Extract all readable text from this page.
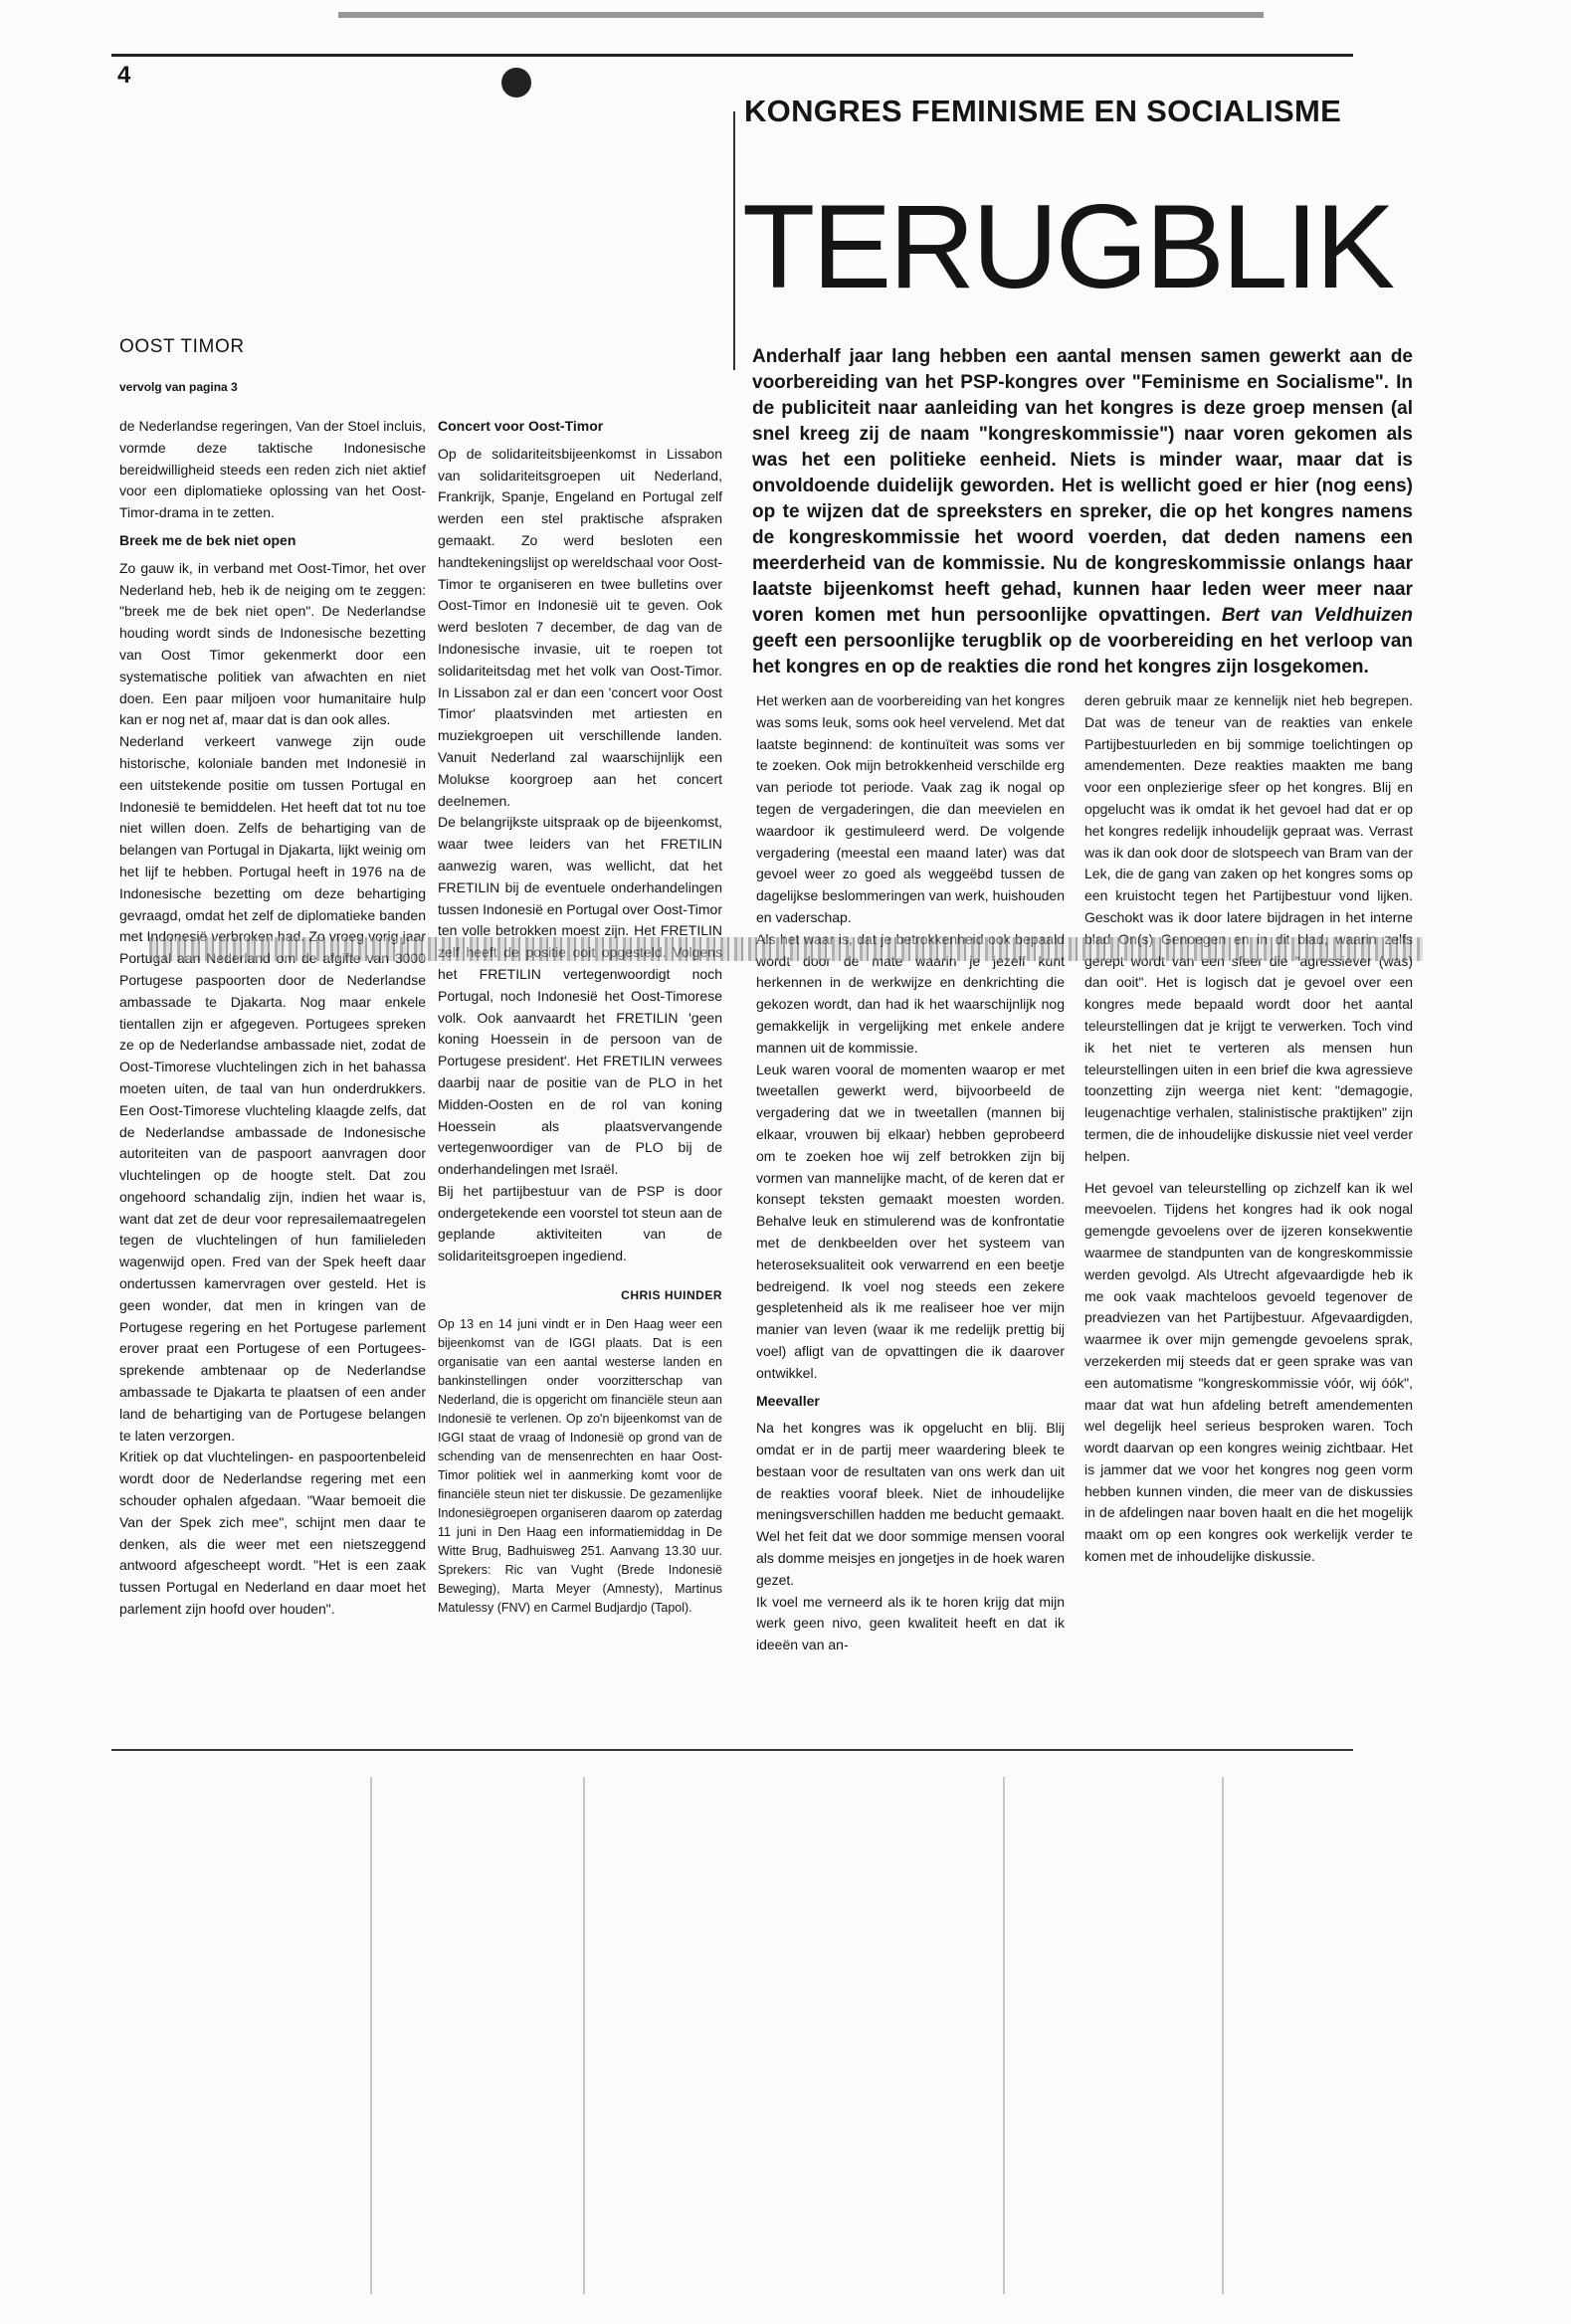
4
KONGRES FEMINISME EN SOCIALISME
TERUGBLIK
OOST TIMOR
vervolg van pagina 3

de Nederlandse regeringen, Van der Stoel incluis, vormde deze taktische Indonesische bereidwilligheid steeds een reden zich niet aktief voor een diplomatieke oplossing van het Oost-Timor-drama in te zetten.

Breek me de bek niet open

Zo gauw ik, in verband met Oost-Timor, het over Nederland heb, heb ik de neiging om te zeggen: "breek me de bek niet open". De Nederlandse houding wordt sinds de Indonesische bezetting van Oost Timor gekenmerkt door een systematische politiek van afwachten en niet doen. Een paar miljoen voor humanitaire hulp kan er nog net af, maar dat is dan ook alles.

Nederland verkeert vanwege zijn oude historische, koloniale banden met Indonesië in een uitstekende positie om tussen Portugal en Indonesië te bemiddelen. Het heeft dat tot nu toe niet willen doen. Zelfs de behartiging van de belangen van Portugal in Djakarta, lijkt weinig om het lijf te hebben. Portugal heeft in 1976 na de Indonesische bezetting om deze behartiging gevraagd, omdat het zelf de diplomatieke banden met Indonesië verbroken had. Zo vroeg vorig jaar Portugal aan Nederland om de afgifte van 3000 Portugese paspoorten door de Nederlandse ambassade te Djakarta. Nog maar enkele tientallen zijn er afgegeven. Portugees spreken ze op de Nederlandse ambassade niet, zodat de Oost-Timorese vluchtelingen zich in het bahassa moeten uiten, de taal van hun onderdrukkers. Een Oost-Timorese vluchteling klaagde zelfs, dat de Nederlandse ambassade de Indonesische autoriteiten van de paspoort aanvragen door vluchtelingen op de hoogte stelt. Dat zou ongehoord schandalig zijn, indien het waar is, want dat zet de deur voor represailemaatregelen tegen de vluchtelingen of hun familieleden wagenwijd open. Fred van der Spek heeft daar ondertussen kamervragen over gesteld. Het is geen wonder, dat men in kringen van de Portugese regering en het Portugese parlement erover praat een Portugese of een Portugees-sprekende ambtenaar op de Nederlandse ambassade te Djakarta te plaatsen of een ander land de behartiging van de Portugese belangen te laten verzorgen.

Kritiek op dat vluchtelingen- en paspoortenbeleid wordt door de Nederlandse regering met een schouder ophalen afgedaan. "Waar bemoeit die Van der Spek zich mee", schijnt men daar te denken, als die weer met een nietszeggend antwoord afgescheept wordt. "Het is een zaak tussen Portugal en Nederland en daar moet het parlement zijn hoofd over houden".

Concert voor Oost-Timor

Op de solidariteitsbijeenkomst in Lissabon van solidariteitsgroepen uit Nederland, Frankrijk, Spanje, Engeland en Portugal zelf werden een stel praktische afspraken gemaakt. Zo werd besloten een handtekeningslijst op wereldschaal voor Oost-Timor te organiseren en twee bulletins over Oost-Timor en Indonesië uit te geven. Ook werd besloten 7 december, de dag van de Indonesische invasie, uit te roepen tot solidariteitsdag met het volk van Oost-Timor. In Lissabon zal er dan een 'concert voor Oost Timor' plaatsvinden met artiesten en muziekgroepen uit verschillende landen. Vanuit Nederland zal waarschijnlijk een Molukse koorgroep aan het concert deelnemen.

De belangrijkste uitspraak op de bijeenkomst, waar twee leiders van het FRETILIN aanwezig waren, was wellicht, dat het FRETILIN bij de eventuele onderhandelingen tussen Indonesië en Portugal over Oost-Timor ten volle betrokken moest zijn. Het FRETILIN zelf heeft de positie ooit opgesteld. Volgens het FRETILIN vertegenwoordigt noch Portugal, noch Indonesië het Oost-Timorese volk. Ook aanvaardt het FRETILIN 'geen koning Hoessein in de persoon van de Portugese president'. Het FRETILIN verwees daarbij naar de positie van de PLO in het Midden-Oosten en de rol van koning Hoessein als plaatsvervangende vertegenwoordiger van de PLO bij de onderhandelingen met Israël.

Bij het partijbestuur van de PSP is door ondergetekende een voorstel tot steun aan de geplande aktiviteiten van de solidariteitsgroepen ingediend.

CHRIS HUINDER
Op 13 en 14 juni vindt er in Den Haag weer een bijeenkomst van de IGGI plaats. Dat is een organisatie van een aantal westerse landen en bankinstellingen onder voorzitterschap van Nederland, die is opgericht om financiële steun aan Indonesië te verlenen. Op zo'n bijeenkomst van de IGGI staat de vraag of Indonesië op grond van de schending van de mensenrechten en haar Oost-Timor politiek wel in aanmerking komt voor de financiële steun niet ter diskussie. De gezamenlijke Indonesiëgroepen organiseren daarom op zaterdag 11 juni in Den Haag een informatiemiddag in De Witte Brug, Badhuisweg 251. Aanvang 13.30 uur. Sprekers: Ric van Vught (Brede Indonesië Beweging), Marta Meyer (Amnesty), Martinus Matulessy (FNV) en Carmel Budjardjo (Tapol).
Anderhalf jaar lang hebben een aantal mensen samen gewerkt aan de voorbereiding van het PSP-kongres over "Feminisme en Socialisme". In de publiciteit naar aanleiding van het kongres is deze groep mensen (al snel kreeg zij de naam "kongreskommissie") naar voren gekomen als was het een politieke eenheid. Niets is minder waar, maar dat is onvoldoende duidelijk geworden. Het is wellicht goed er hier (nog eens) op te wijzen dat de spreeksters en spreker, die op het kongres namens de kongreskommissie het woord voerden, dat deden namens een meerderheid van de kommissie. Nu de kongreskommissie onlangs haar laatste bijeenkomst heeft gehad, kunnen haar leden weer meer naar voren komen met hun persoonlijke opvattingen. Bert van Veldhuizen geeft een persoonlijke terugblik op de voorbereiding en het verloop van het kongres en op de reakties die rond het kongres zijn losgekomen.

Het werken aan de voorbereiding van het kongres was soms leuk, soms ook heel vervelend. Met dat laatste beginnend: de kontinuïteit was soms ver te zoeken. Ook mijn betrokkenheid verschilde erg van periode tot periode. Vaak zag ik nogal op tegen de vergaderingen, die dan meevielen en waardoor ik gestimuleerd werd. De volgende vergadering (meestal een maand later) was dat gevoel weer zo goed als weggeëbd tussen de dagelijkse beslommeringen van werk, huishouden en vaderschap.

Als het waar is, dat je betrokkenheid ook bepaald wordt door de mate waarin je jezelf kunt herkennen in de werkwijze en denkrichting die gekozen wordt, dan had ik het waarschijnlijk nog gemakkelijk in vergelijking met enkele andere mannen uit de kommissie.

Leuk waren vooral de momenten waarop er met tweetallen gewerkt werd, bijvoorbeeld de vergadering dat we in tweetallen (mannen bij elkaar, vrouwen bij elkaar) hebben geprobeerd om te zoeken hoe wij zelf betrokken zijn bij vormen van mannelijke macht, of de keren dat er konsept teksten gemaakt moesten worden. Behalve leuk en stimulerend was de konfrontatie met de denkbeelden over het systeem van heteroseksualiteit ook verwarrend en een beetje bedreigend. Ik voel nog steeds een zekere gespletenheid als ik me realiseer hoe ver mijn manier van leven (waar ik me redelijk prettig bij voel) afligt van de opvattingen die ik daarover ontwikkel.

Meevaller

Na het kongres was ik opgelucht en blij. Blij omdat er in de partij meer waardering bleek te bestaan voor de resultaten van ons werk dan uit de reakties vooraf bleek. Niet de inhoudelijke meningsverschillen hadden me beducht gemaakt. Wel het feit dat we door sommige mensen vooral als domme meisjes en jongetjes in de hoek waren gezet.

Ik voel me verneerd als ik te horen krijg dat mijn werk geen nivo, geen kwaliteit heeft en dat ik ideeën van an-

deren gebruik maar ze kennelijk niet heb begrepen. Dat was de teneur van de reakties van enkele Partijbestuurleden en bij sommige toelichtingen op amendementen. Deze reakties maakten me bang voor een onplezierige sfeer op het kongres. Blij en opgelucht was ik omdat ik het gevoel had dat er op het kongres redelijk inhoudelijk gepraat was. Verrast was ik dan ook door de slotspeech van Bram van der Lek, die de gang van zaken op het kongres soms op een kruistocht tegen het Partijbestuur vond lijken. Geschokt was ik door latere bijdragen in het interne blad On(s) Genoegen en in dit blad, waarin zelfs gerept wordt van een sfeer die "agressiever (was) dan ooit". Het is logisch dat je gevoel over een kongres mede bepaald wordt door het aantal teleurstellingen dat je krijgt te verwerken. Toch vind ik het niet te verteren als mensen hun teleurstellingen uiten in een brief die kwa agressieve toonzetting zijn weerga niet kent: "demagogie, leugenachtige verhalen, stalinistische praktijken" zijn termen, die de inhoudelijke diskussie niet veel verder helpen.

Het gevoel van teleurstelling op zichzelf kan ik wel meevoelen. Tijdens het kongres had ik ook nogal gemengde gevoelens over de ijzeren konsekwentie waarmee de standpunten van de kongreskommissie werden gevolgd. Als Utrecht afgevaardigde heb ik me ook vaak machteloos gevoeld tegenover de preadviezen van het Partijbestuur. Afgevaardigden, waarmee ik over mijn gemengde gevoelens sprak, verzekerden mij steeds dat er geen sprake was van een automatisme "kongreskommissie vóór, wij óók", maar dat wat hun afdeling betreft amendementen wel degelijk heel serieus besproken waren. Toch wordt daarvan op een kongres weinig zichtbaar. Het is jammer dat we voor het kongres nog geen vorm hebben kunnen vinden, die meer van de diskussies in de afdelingen naar boven haalt en die het mogelijk maakt om op een kongres ook werkelijk verder te komen met de inhoudelijke diskussie.
